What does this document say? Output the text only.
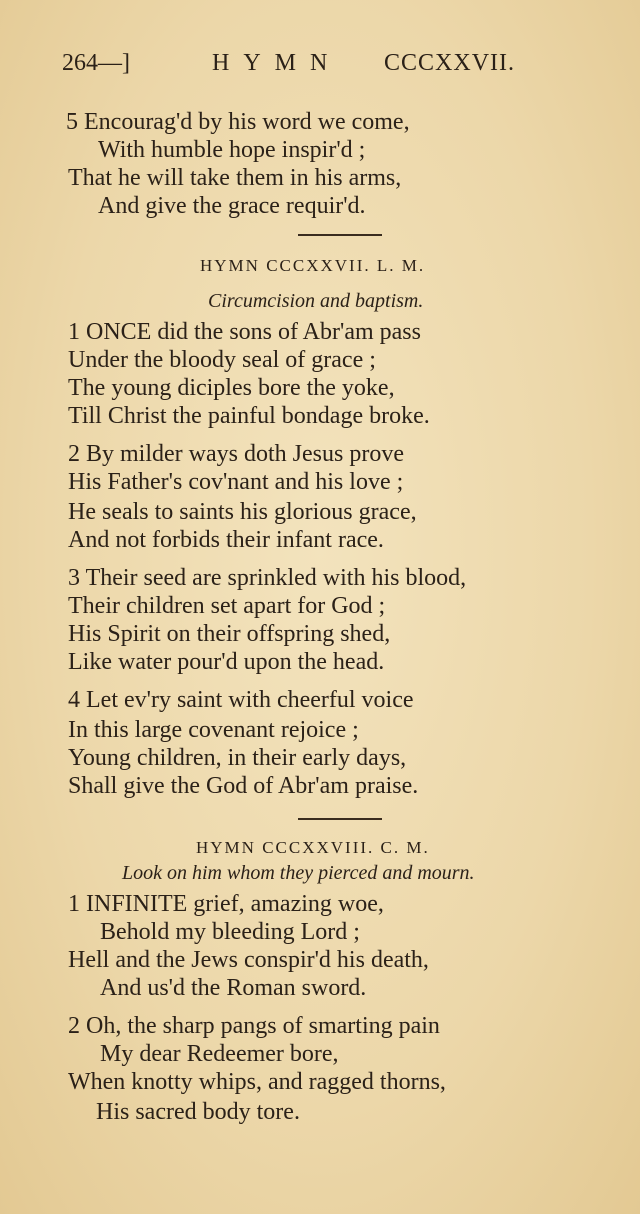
264—]	HYMN CCCXXVII.
5 Encourag'd by his word we come,
With humble hope inspir'd ;
That he will take them in his arms,
And give the grace requir'd.
HYMN CCCXXVII. L. M.
Circumcision and baptism.
1 ONCE did the sons of Abr'am pass
Under the bloody seal of grace ;
The young diciples bore the yoke,
Till Christ the painful bondage broke.
2 By milder ways doth Jesus prove
His Father's cov'nant and his love ;
He seals to saints his glorious grace,
And not forbids their infant race.
3 Their seed are sprinkled with his blood,
Their children set apart for God ;
His Spirit on their offspring shed,
Like water pour'd upon the head.
4 Let ev'ry saint with cheerful voice
In this large covenant rejoice ;
Young children, in their early days,
Shall give the God of Abr'am praise.
HYMN CCCXXVIII. C. M.
Look on him whom they pierced and mourn.
1 INFINITE grief, amazing woe,
Behold my bleeding Lord ;
Hell and the Jews conspir'd his death,
And us'd the Roman sword.
2 Oh, the sharp pangs of smarting pain
My dear Redeemer bore,
When knotty whips, and ragged thorns,
His sacred body tore.
